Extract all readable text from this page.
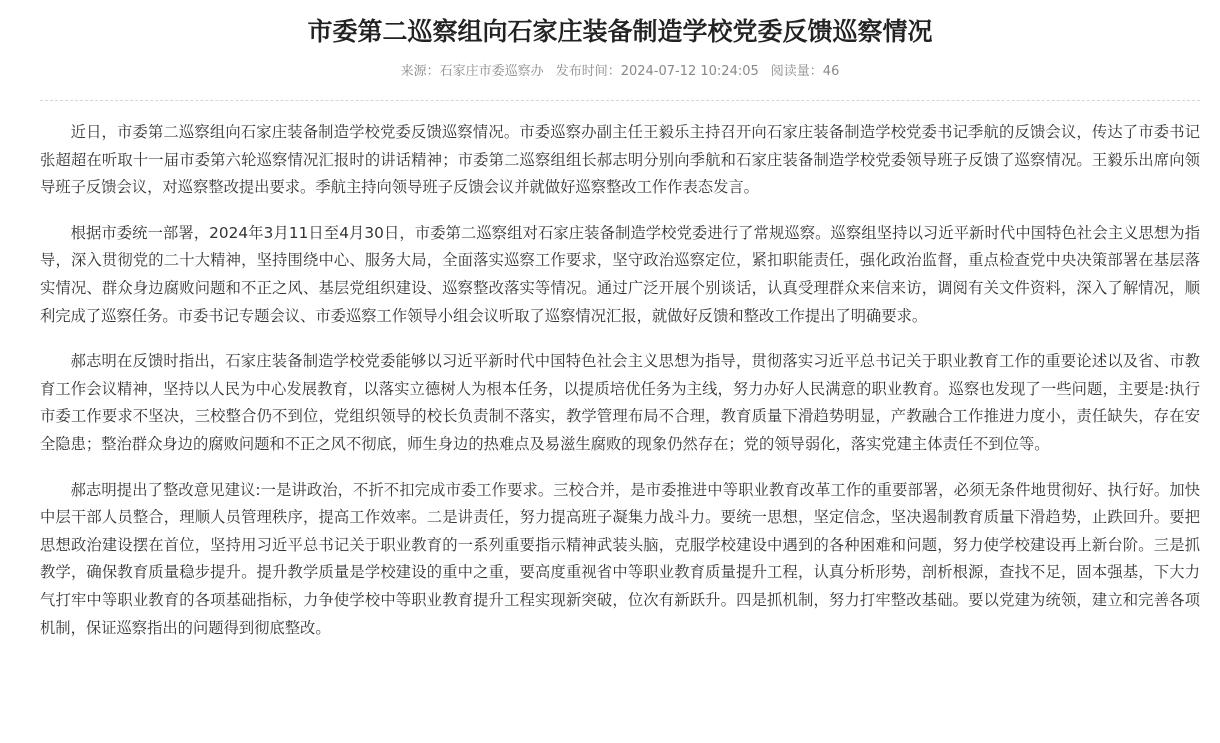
市委第二巡察组向石家庄装备制造学校党委反馈巡察情况
来源：石家庄市委巡察办 发布时间：2024-07-12 10:24:05 阅读量：46

近日，市委第二巡察组向石家庄装备制造学校党委反馈巡察情况。市委巡察办副主任王毅乐主持召开向石家庄装备制造学校党委书记季航的反馈会议，传达了市委书记张超超在听取十一届市委第六轮巡察情况汇报时的讲话精神；市委第二巡察组组长郝志明分别向季航和石家庄装备制造学校党委领导班子反馈了巡察情况。王毅乐出席向领导班子反馈会议，对巡察整改提出要求。季航主持向领导班子反馈会议并就做好巡察整改工作作表态发言。

根据市委统一部署，2024年3月11日至4月30日，市委第二巡察组对石家庄装备制造学校党委进行了常规巡察。巡察组坚持以习近平新时代中国特色社会主义思想为指导，深入贯彻党的二十大精神，坚持围绕中心、服务大局，全面落实巡察工作要求，坚守政治巡察定位，紧扣职能责任，强化政治监督，重点检查党中央决策部署在基层落实情况、群众身边腐败问题和不正之风、基层党组织建设、巡察整改落实等情况。通过广泛开展个别谈话，认真受理群众来信来访，调阅有关文件资料，深入了解情况，顺利完成了巡察任务。市委书记专题会议、市委巡察工作领导小组会议听取了巡察情况汇报，就做好反馈和整改工作提出了明确要求。

郝志明在反馈时指出，石家庄装备制造学校党委能够以习近平新时代中国特色社会主义思想为指导，贯彻落实习近平总书记关于职业教育工作的重要论述以及省、市教育工作会议精神，坚持以人民为中心发展教育，以落实立德树人为根本任务，以提质培优任务为主线，努力办好人民满意的职业教育。巡察也发现了一些问题，主要是:执行市委工作要求不坚决，三校整合仍不到位，党组织领导的校长负责制不落实，教学管理布局不合理，教育质量下滑趋势明显，产教融合工作推进力度小，责任缺失，存在安全隐患；整治群众身边的腐败问题和不正之风不彻底，师生身边的热难点及易滋生腐败的现象仍然存在；党的领导弱化，落实党建主体责任不到位等。

郝志明提出了整改意见建议:一是讲政治，不折不扣完成市委工作要求。三校合并，是市委推进中等职业教育改革工作的重要部署，必须无条件地贯彻好、执行好。加快中层干部人员整合，理顺人员管理秩序，提高工作效率。二是讲责任，努力提高班子凝集力战斗力。要统一思想，坚定信念，坚决遏制教育质量下滑趋势，止跌回升。要把思想政治建设摆在首位，坚持用习近平总书记关于职业教育的一系列重要指示精神武装头脑，克服学校建设中遇到的各种困难和问题，努力使学校建设再上新台阶。三是抓教学，确保教育质量稳步提升。提升教学质量是学校建设的重中之重，要高度重视省中等职业教育质量提升工程，认真分析形势，剖析根源，查找不足，固本强基，下大力气打牢中等职业教育的各项基础指标，力争使学校中等职业教育提升工程实现新突破，位次有新跃升。四是抓机制，努力打牢整改基础。要以党建为统领，建立和完善各项机制，保证巡察指出的问题得到彻底整改。
